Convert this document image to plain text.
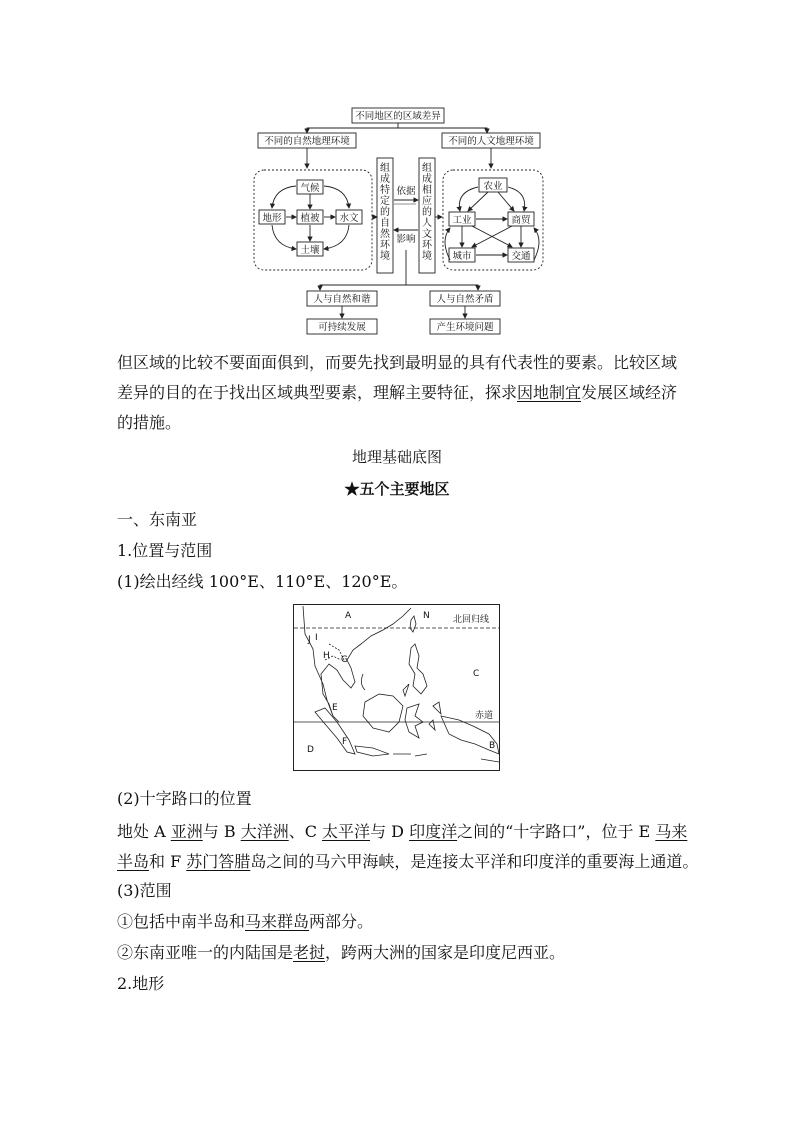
不同地区的区域差异
不同的自然地理环境	不同的人文地理环境
气候
地形 植被 水文
土壤
组成特定的自然环境
组成相应的人文环境
依据
影响
农业
工业	商贸
城市	交通
人与自然和谐
可持续发展
人与自然矛盾
产生环境问题
但区域的比较不要面面俱到，而要先找到最明显的具有代表性的要素。比较区域
差异的目的在于找出区域典型要素，理解主要特征，探求因地制宜发展区域经济
的措施。
地理基础底图
★五个主要地区
一、东南亚
1.位置与范围
(1)绘出经线 100°E、110°E、120°E。
北回归线
赤道
A
B
C
D
E
F
G
H
I
J
N
(2)十字路口的位置
地处 A 亚洲与 B 大洋洲、C 太平洋与 D 印度洋之间的“十字路口”，位于 E 马来
半岛和 F 苏门答腊岛之间的马六甲海峡，是连接太平洋和印度洋的重要海上通道。
(3)范围
①包括中南半岛和马来群岛两部分。
②东南亚唯一的内陆国是老挝，跨两大洲的国家是印度尼西亚。
2.地形
